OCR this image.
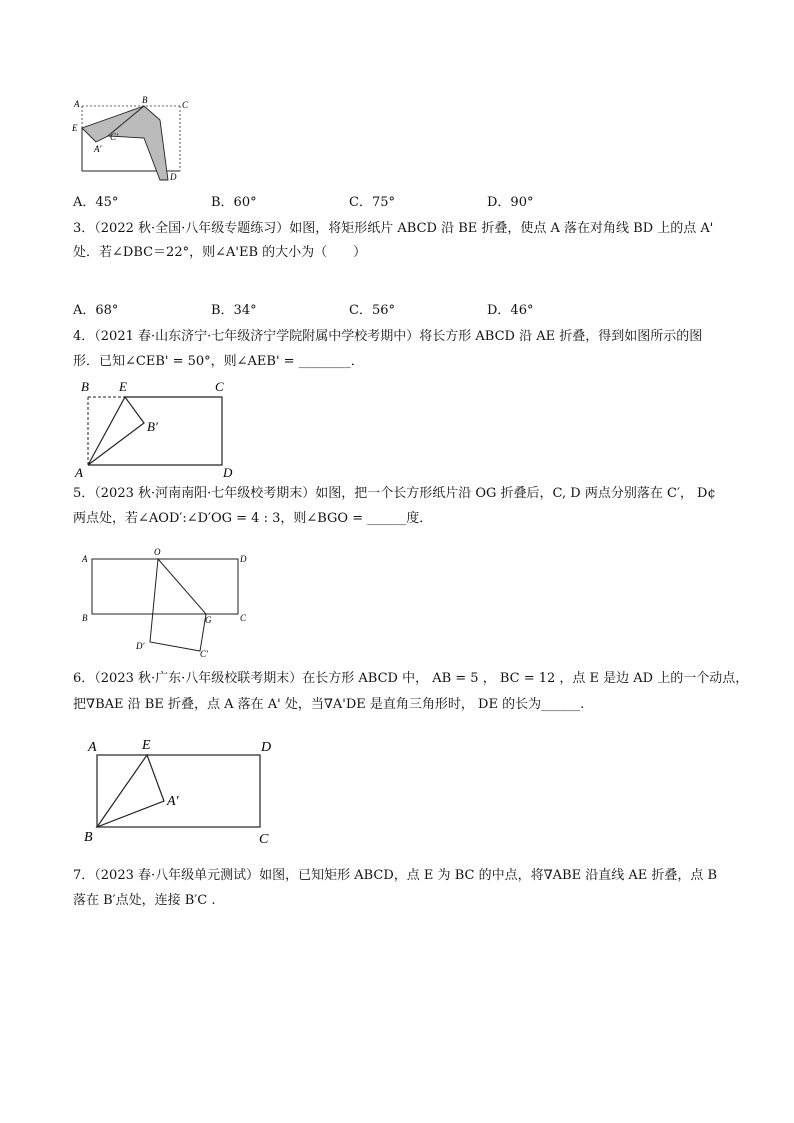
A	B	C
E
C'
A'
D
A．45°	B．60°	C．75°	D．90°
3．（2022 秋·全国·八年级专题练习）如图，将矩形纸片 ABCD 沿 BE 折叠，使点 A 落在对角线 BD 上的点 A'
处．若∠DBC＝22°，则∠A'EB 的大小为（　　）
A．68°	B．34°	C．56°	D．46°
4．（2021 春·山东济宁·七年级济宁学院附属中学校考期中）将长方形 ABCD 沿 AE 折叠，得到如图所示的图
形．已知∠CEB' = 50°，则∠AEB' = ________．
B E	C
B′
A	D
5．（2023 秋·河南南阳·七年级校考期末）如图，把一个长方形纸片沿 OG 折叠后，C, D 两点分别落在 C′， D¢
两点处，若∠AOD′:∠D′OG = 4 : 3，则∠BGO = ______度．
A
O
D
B	G	C
D′
C′
6．（2023 秋·广东·八年级校联考期末）在长方形 ABCD 中， AB = 5 ， BC = 12 ，点 E 是边 AD 上的一个动点，
把∇BAE 沿 BE 折叠，点 A 落在 A' 处，当∇A'DE 是直角三角形时， DE 的长为______.
A	E	D
A′
B	C
7．（2023 春·八年级单元测试）如图，已知矩形 ABCD，点 E 为 BC 的中点，将∇ABE 沿直线 AE 折叠，点 B
落在 B′点处，连接 B′C .
